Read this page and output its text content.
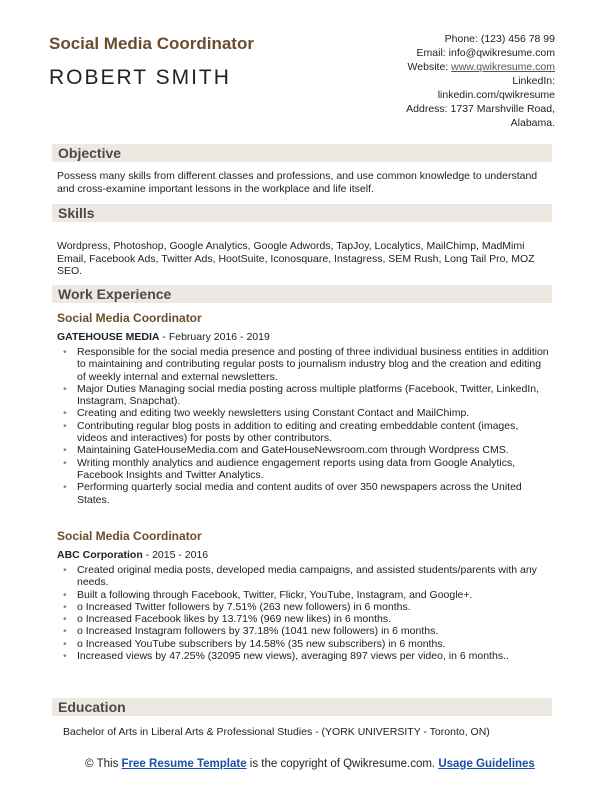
Social Media Coordinator
ROBERT SMITH
Phone: (123) 456 78 99
Email: info@qwikresume.com
Website: www.qwikresume.com
LinkedIn:
linkedin.com/qwikresume
Address: 1737 Marshville Road,
Alabama.
Objective
Possess many skills from different classes and professions, and use common knowledge to understand and cross-examine important lessons in the workplace and life itself.
Skills
Wordpress, Photoshop, Google Analytics, Google Adwords, TapJoy, Localytics, MailChimp, MadMimi Email, Facebook Ads, Twitter Ads, HootSuite, Iconosquare, Instagress, SEM Rush, Long Tail Pro, MOZ SEO.
Work Experience
Social Media Coordinator
GATEHOUSE MEDIA - February 2016 - 2019
• Responsible for the social media presence and posting of three individual business entities in addition to maintaining and contributing regular posts to journalism industry blog and the creation and editing of weekly internal and external newsletters.
• Major Duties Managing social media posting across multiple platforms (Facebook, Twitter, LinkedIn, Instagram, Snapchat).
• Creating and editing two weekly newsletters using Constant Contact and MailChimp.
• Contributing regular blog posts in addition to editing and creating embeddable content (images, videos and interactives) for posts by other contributors.
• Maintaining GateHouseMedia.com and GateHouseNewsroom.com through Wordpress CMS.
• Writing monthly analytics and audience engagement reports using data from Google Analytics, Facebook Insights and Twitter Analytics.
• Performing quarterly social media and content audits of over 350 newspapers across the United States.
Social Media Coordinator
ABC Corporation - 2015 - 2016
• Created original media posts, developed media campaigns, and assisted students/parents with any needs.
• Built a following through Facebook, Twitter, Flickr, YouTube, Instagram, and Google+.
• o Increased Twitter followers by 7.51% (263 new followers) in 6 months.
• o Increased Facebook likes by 13.71% (969 new likes) in 6 months.
• o Increased Instagram followers by 37.18% (1041 new followers) in 6 months.
• o Increased YouTube subscribers by 14.58% (35 new subscribers) in 6 months.
• Increased views by 47.25% (32095 new views), averaging 897 views per video, in 6 months..
Education
Bachelor of Arts in Liberal Arts & Professional Studies - (YORK UNIVERSITY - Toronto, ON)
© This Free Resume Template is the copyright of Qwikresume.com. Usage Guidelines
